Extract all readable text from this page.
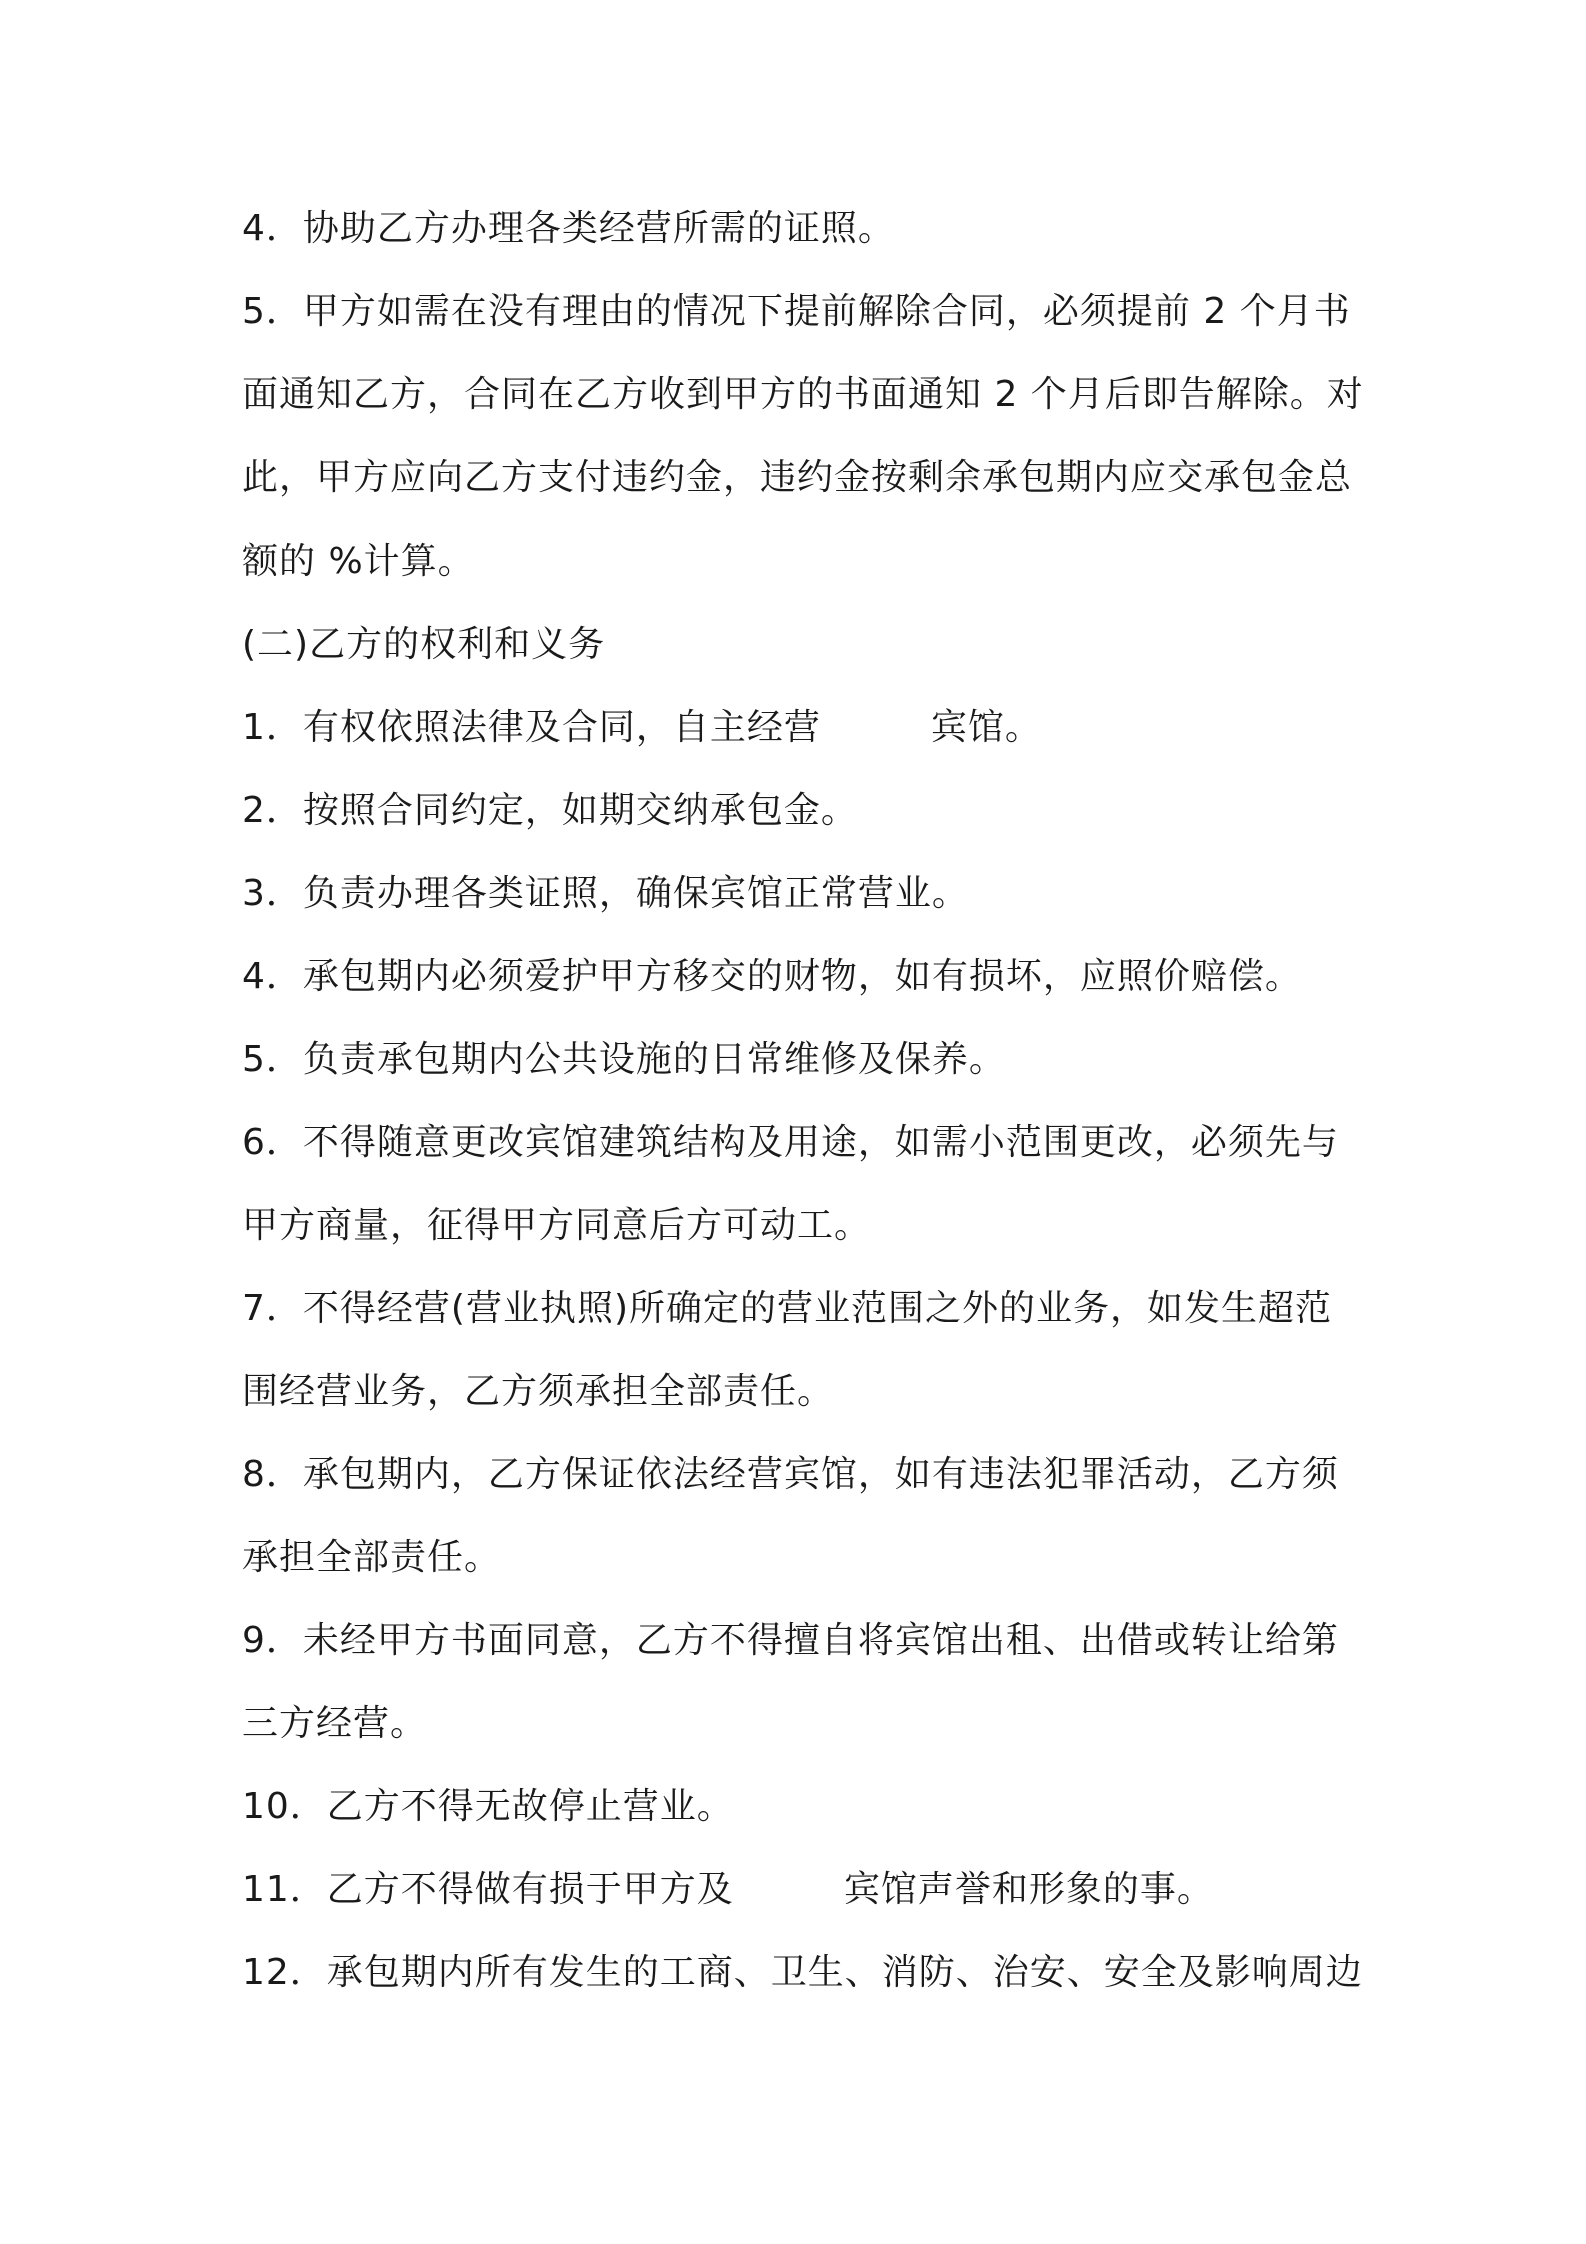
4．协助乙方办理各类经营所需的证照。
5．甲方如需在没有理由的情况下提前解除合同，必须提前 2 个月书
面通知乙方，合同在乙方收到甲方的书面通知 2 个月后即告解除。对
此，甲方应向乙方支付违约金，违约金按剩余承包期内应交承包金总
额的 %计算。
(二)乙方的权利和义务
1．有权依照法律及合同，自主经营	宾馆。
2．按照合同约定，如期交纳承包金。
3．负责办理各类证照，确保宾馆正常营业。
4．承包期内必须爱护甲方移交的财物，如有损坏，应照价赔偿。
5．负责承包期内公共设施的日常维修及保养。
6．不得随意更改宾馆建筑结构及用途，如需小范围更改，必须先与
甲方商量，征得甲方同意后方可动工。
7．不得经营(营业执照)所确定的营业范围之外的业务，如发生超范
围经营业务，乙方须承担全部责任。
8．承包期内，乙方保证依法经营宾馆，如有违法犯罪活动，乙方须
承担全部责任。
9．未经甲方书面同意，乙方不得擅自将宾馆出租、出借或转让给第
三方经营。
10．乙方不得无故停止营业。
11．乙方不得做有损于甲方及	宾馆声誉和形象的事。
12．承包期内所有发生的工商、卫生、消防、治安、安全及影响周边
